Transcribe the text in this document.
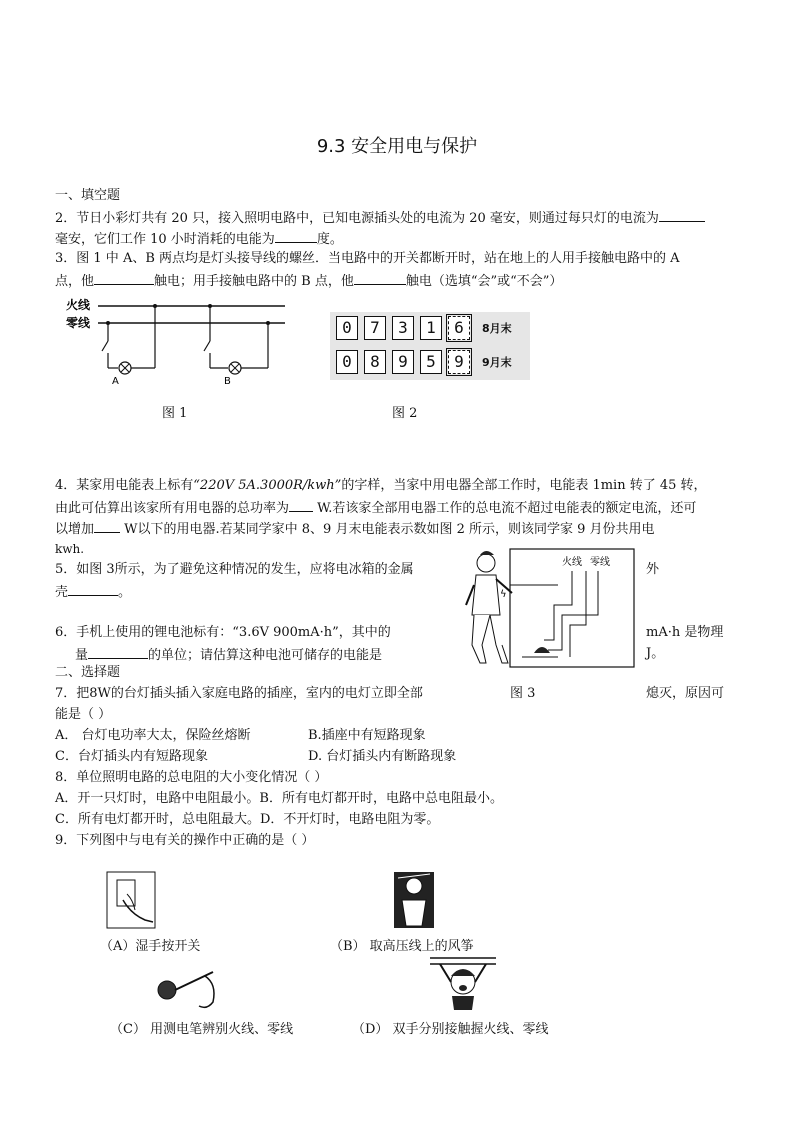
9.3 安全用电与保护
一、填空题
2．节日小彩灯共有 20 只，接入照明电路中，已知电源插头处的电流为 20 毫安，则通过每只灯的电流为
毫安，它们工作 10 小时消耗的电能为	度。
3．图 1 中 A、B 两点均是灯头接导线的螺丝．当电路中的开关都断开时，站在地上的人用手接触电路中的 A
点，他	触电；用手接触电路中的 B 点，他	触电（选填“会”或“不会”）
火线
零线
A	B
图 1
0	7	3	1	6	8月末
0	8	9	5	9	9月末
图 2
4．某家用电能表上标有“220V 5A.3000R/kwh”的字样，当家中用电器全部工作时，电能表 1min 转了 45 转，
由此可估算出该家所有用电器的总功率为 W.若该家全部用电器工作的总电流不超过电能表的额定电流，还可
以增加 W以下的用电器.若某同学家中 8、9 月末电能表示数如图 2 所示，则该同学家 9 月份共用电
kwh.
5．如图 3所示，为了避免这种情况的发生，应将电冰箱的金属	外
壳	。
火线 零线
ϟ
图 3
6．手机上使用的锂电池标有：“3.6V 900mA·h”，其中的	mA·h 是物理
量	的单位；请估算这种电池可储存的电能是	J。
二、选择题
7．把8W的台灯插头插入家庭电路的插座，室内的电灯立即全部	熄灭，原因可
能是（ ）
A． 台灯电功率大太，保险丝熔断	B.插座中有短路现象
C．台灯插头内有短路现象	D. 台灯插头内有断路现象
8．单位照明电路的总电阻的大小变化情况（ ）
A．开一只灯时，电路中电阻最小。B．所有电灯都开时，电路中总电阻最小。
C．所有电灯都开时，总电阻最大。D．不开灯时，电路电阻为零。
9．下列图中与电有关的操作中正确的是（ ）
（A）湿手按开关	（B） 取高压线上的风筝
（C） 用测电笔辨别火线、零线	（D） 双手分别接触握火线、零线
